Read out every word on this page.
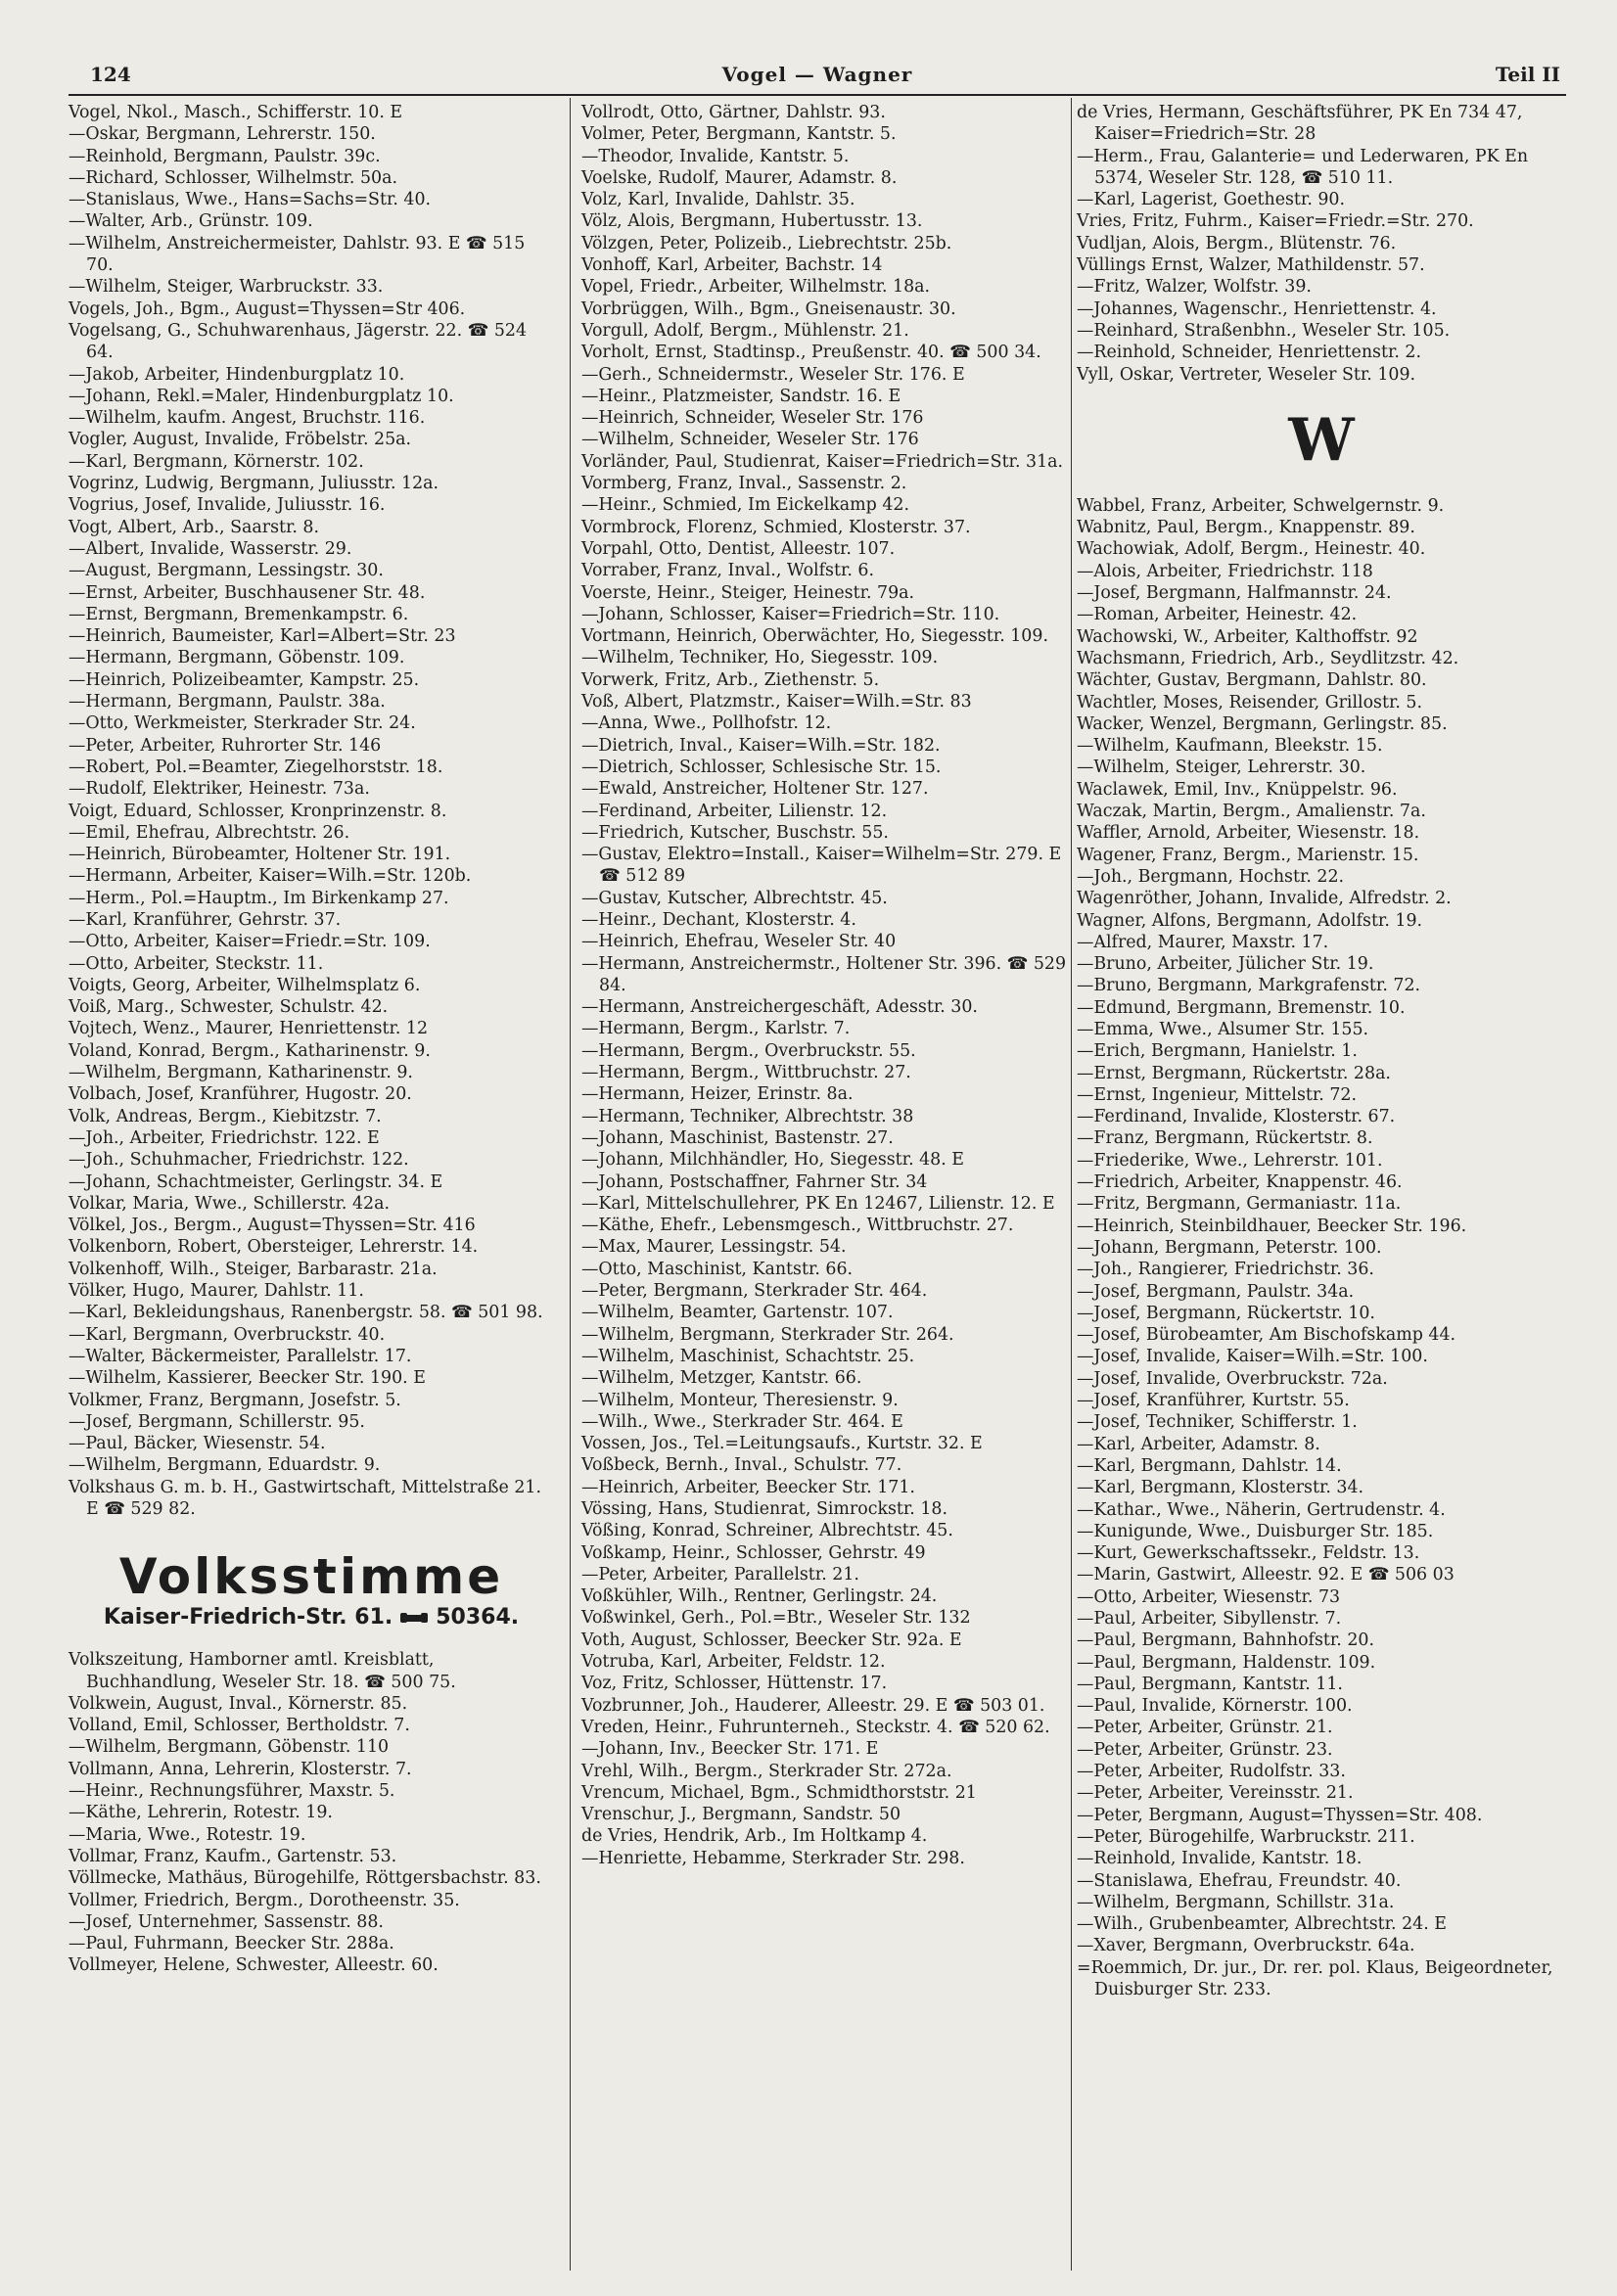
124	Vogel — Wagner	Teil II
Vogel, Nkol., Masch., Schifferstr. 10. E
—Oskar, Bergmann, Lehrerstr. 150.
—Reinhold, Bergmann, Paulstr. 39c.
—Richard, Schlosser, Wilhelmstr. 50a.
—Stanislaus, Wwe., Hans=Sachs=Str. 40.
—Walter, Arb., Grünstr. 109.
—Wilhelm, Anstreichermeister, Dahlstr. 93. E ☎ 515 70.
—Wilhelm, Steiger, Warbruckstr. 33.
Vogels, Joh., Bgm., August=Thyssen=Str 406.
Vogelsang, G., Schuhwarenhaus, Jägerstr. 22. ☎ 524 64.
—Jakob, Arbeiter, Hindenburgplatz 10.
—Johann, Rekl.=Maler, Hindenburgplatz 10.
—Wilhelm, kaufm. Angest, Bruchstr. 116.
Vogler, August, Invalide, Fröbelstr. 25a.
—Karl, Bergmann, Körnerstr. 102.
Vogrinz, Ludwig, Bergmann, Juliusstr. 12a.
Vogrius, Josef, Invalide, Juliusstr. 16.
Vogt, Albert, Arb., Saarstr. 8.
—Albert, Invalide, Wasserstr. 29.
—August, Bergmann, Lessingstr. 30.
—Ernst, Arbeiter, Buschhausener Str. 48.
—Ernst, Bergmann, Bremenkampstr. 6.
—Heinrich, Baumeister, Karl=Albert=Str. 23
—Hermann, Bergmann, Göbenstr. 109.
—Heinrich, Polizeibeamter, Kampstr. 25.
—Hermann, Bergmann, Paulstr. 38a.
—Otto, Werkmeister, Sterkrader Str. 24.
—Peter, Arbeiter, Ruhrorter Str. 146
—Robert, Pol.=Beamter, Ziegelhorststr. 18.
—Rudolf, Elektriker, Heinestr. 73a.
Voigt, Eduard, Schlosser, Kronprinzenstr. 8.
—Emil, Ehefrau, Albrechtstr. 26.
—Heinrich, Bürobeamter, Holtener Str. 191.
—Hermann, Arbeiter, Kaiser=Wilh.=Str. 120b.
—Herm., Pol.=Hauptm., Im Birkenkamp 27.
—Karl, Kranführer, Gehrstr. 37.
—Otto, Arbeiter, Kaiser=Friedr.=Str. 109.
—Otto, Arbeiter, Steckstr. 11.
Voigts, Georg, Arbeiter, Wilhelmsplatz 6.
Voiß, Marg., Schwester, Schulstr. 42.
Vojtech, Wenz., Maurer, Henriettenstr. 12
Voland, Konrad, Bergm., Katharinenstr. 9.
—Wilhelm, Bergmann, Katharinenstr. 9.
Volbach, Josef, Kranführer, Hugostr. 20.
Volk, Andreas, Bergm., Kiebitzstr. 7.
—Joh., Arbeiter, Friedrichstr. 122. E
—Joh., Schuhmacher, Friedrichstr. 122.
—Johann, Schachtmeister, Gerlingstr. 34. E
Volkar, Maria, Wwe., Schillerstr. 42a.
Völkel, Jos., Bergm., August=Thyssen=Str. 416
Volkenborn, Robert, Obersteiger, Lehrerstr. 14.
Volkenhoff, Wilh., Steiger, Barbarastr. 21a.
Völker, Hugo, Maurer, Dahlstr. 11.
—Karl, Bekleidungshaus, Ranenbergstr. 58. ☎ 501 98.
—Karl, Bergmann, Overbruckstr. 40.
—Walter, Bäckermeister, Parallelstr. 17.
—Wilhelm, Kassierer, Beecker Str. 190. E
Volkmer, Franz, Bergmann, Josefstr. 5.
—Josef, Bergmann, Schillerstr. 95.
—Paul, Bäcker, Wiesenstr. 54.
—Wilhelm, Bergmann, Eduardstr. 9.
Volkshaus G. m. b. H., Gastwirtschaft, Mittelstraße 21. E ☎ 529 82.
Volksstimme
Kaiser-Friedrich-Str. 61. 50364.
Volkszeitung, Hamborner amtl. Kreisblatt, Buchhandlung, Weseler Str. 18. ☎ 500 75.
Volkwein, August, Inval., Körnerstr. 85.
Volland, Emil, Schlosser, Bertholdstr. 7.
—Wilhelm, Bergmann, Göbenstr. 110
Vollmann, Anna, Lehrerin, Klosterstr. 7.
—Heinr., Rechnungsführer, Maxstr. 5.
—Käthe, Lehrerin, Rotestr. 19.
—Maria, Wwe., Rotestr. 19.
Vollmar, Franz, Kaufm., Gartenstr. 53.
Völlmecke, Mathäus, Bürogehilfe, Röttgersbachstr. 83.
Vollmer, Friedrich, Bergm., Dorotheenstr. 35.
—Josef, Unternehmer, Sassenstr. 88.
—Paul, Fuhrmann, Beecker Str. 288a.
Vollmeyer, Helene, Schwester, Alleestr. 60.
Vollrodt, Otto, Gärtner, Dahlstr. 93.
Volmer, Peter, Bergmann, Kantstr. 5.
—Theodor, Invalide, Kantstr. 5.
Voelske, Rudolf, Maurer, Adamstr. 8.
Volz, Karl, Invalide, Dahlstr. 35.
Völz, Alois, Bergmann, Hubertusstr. 13.
Völzgen, Peter, Polizeib., Liebrechtstr. 25b.
Vonhoff, Karl, Arbeiter, Bachstr. 14
Vopel, Friedr., Arbeiter, Wilhelmstr. 18a.
Vorbrüggen, Wilh., Bgm., Gneisenaustr. 30.
Vorgull, Adolf, Bergm., Mühlenstr. 21.
Vorholt, Ernst, Stadtinsp., Preußenstr. 40. ☎ 500 34.
—Gerh., Schneidermstr., Weseler Str. 176. E
—Heinr., Platzmeister, Sandstr. 16. E
—Heinrich, Schneider, Weseler Str. 176
—Wilhelm, Schneider, Weseler Str. 176
Vorländer, Paul, Studienrat, Kaiser=Friedrich=Str. 31a.
Vormberg, Franz, Inval., Sassenstr. 2.
—Heinr., Schmied, Im Eickelkamp 42.
Vormbrock, Florenz, Schmied, Klosterstr. 37.
Vorpahl, Otto, Dentist, Alleestr. 107.
Vorraber, Franz, Inval., Wolfstr. 6.
Voerste, Heinr., Steiger, Heinestr. 79a.
—Johann, Schlosser, Kaiser=Friedrich=Str. 110.
Vortmann, Heinrich, Oberwächter, Ho, Siegesstr. 109.
—Wilhelm, Techniker, Ho, Siegesstr. 109.
Vorwerk, Fritz, Arb., Ziethenstr. 5.
Voß, Albert, Platzmstr., Kaiser=Wilh.=Str. 83
—Anna, Wwe., Pollhofstr. 12.
—Dietrich, Inval., Kaiser=Wilh.=Str. 182.
—Dietrich, Schlosser, Schlesische Str. 15.
—Ewald, Anstreicher, Holtener Str. 127.
—Ferdinand, Arbeiter, Lilienstr. 12.
—Friedrich, Kutscher, Buschstr. 55.
—Gustav, Elektro=Install., Kaiser=Wilhelm=Str. 279. E ☎ 512 89
—Gustav, Kutscher, Albrechtstr. 45.
—Heinr., Dechant, Klosterstr. 4.
—Heinrich, Ehefrau, Weseler Str. 40
—Hermann, Anstreichermstr., Holtener Str. 396. ☎ 529 84.
—Hermann, Anstreichergeschäft, Adesstr. 30.
—Hermann, Bergm., Karlstr. 7.
—Hermann, Bergm., Overbruckstr. 55.
—Hermann, Bergm., Wittbruchstr. 27.
—Hermann, Heizer, Erinstr. 8a.
—Hermann, Techniker, Albrechtstr. 38
—Johann, Maschinist, Bastenstr. 27.
—Johann, Milchhändler, Ho, Siegesstr. 48. E
—Johann, Postschaffner, Fahrner Str. 34
—Karl, Mittelschullehrer, PK En 12467, Lilienstr. 12. E
—Käthe, Ehefr., Lebensmgesch., Wittbruchstr. 27.
—Max, Maurer, Lessingstr. 54.
—Otto, Maschinist, Kantstr. 66.
—Peter, Bergmann, Sterkrader Str. 464.
—Wilhelm, Beamter, Gartenstr. 107.
—Wilhelm, Bergmann, Sterkrader Str. 264.
—Wilhelm, Maschinist, Schachtstr. 25.
—Wilhelm, Metzger, Kantstr. 66.
—Wilhelm, Monteur, Theresienstr. 9.
—Wilh., Wwe., Sterkrader Str. 464. E
Vossen, Jos., Tel.=Leitungsaufs., Kurtstr. 32. E
Voßbeck, Bernh., Inval., Schulstr. 77.
—Heinrich, Arbeiter, Beecker Str. 171.
Vössing, Hans, Studienrat, Simrockstr. 18.
Vößing, Konrad, Schreiner, Albrechtstr. 45.
Voßkamp, Heinr., Schlosser, Gehrstr. 49
—Peter, Arbeiter, Parallelstr. 21.
Voßkühler, Wilh., Rentner, Gerlingstr. 24.
Voßwinkel, Gerh., Pol.=Btr., Weseler Str. 132
Voth, August, Schlosser, Beecker Str. 92a. E
Votruba, Karl, Arbeiter, Feldstr. 12.
Voz, Fritz, Schlosser, Hüttenstr. 17.
Vozbrunner, Joh., Hauderer, Alleestr. 29. E ☎ 503 01.
Vreden, Heinr., Fuhrunterneh., Steckstr. 4. ☎ 520 62.
—Johann, Inv., Beecker Str. 171. E
Vrehl, Wilh., Bergm., Sterkrader Str. 272a.
Vrencum, Michael, Bgm., Schmidthorststr. 21
Vrenschur, J., Bergmann, Sandstr. 50
de Vries, Hendrik, Arb., Im Holtkamp 4.
—Henriette, Hebamme, Sterkrader Str. 298.
de Vries, Hermann, Geschäftsführer, PK En 734 47, Kaiser=Friedrich=Str. 28
—Herm., Frau, Galanterie= und Lederwaren, PK En 5374, Weseler Str. 128, ☎ 510 11.
—Karl, Lagerist, Goethestr. 90.
Vries, Fritz, Fuhrm., Kaiser=Friedr.=Str. 270.
Vudljan, Alois, Bergm., Blütenstr. 76.
Vüllings Ernst, Walzer, Mathildenstr. 57.
—Fritz, Walzer, Wolfstr. 39.
—Johannes, Wagenschr., Henriettenstr. 4.
—Reinhard, Straßenbhn., Weseler Str. 105.
—Reinhold, Schneider, Henriettenstr. 2.
Vyll, Oskar, Vertreter, Weseler Str. 109.
W
Wabbel, Franz, Arbeiter, Schwelgernstr. 9.
Wabnitz, Paul, Bergm., Knappenstr. 89.
Wachowiak, Adolf, Bergm., Heinestr. 40.
—Alois, Arbeiter, Friedrichstr. 118
—Josef, Bergmann, Halfmannstr. 24.
—Roman, Arbeiter, Heinestr. 42.
Wachowski, W., Arbeiter, Kalthoffstr. 92
Wachsmann, Friedrich, Arb., Seydlitzstr. 42.
Wächter, Gustav, Bergmann, Dahlstr. 80.
Wachtler, Moses, Reisender, Grillostr. 5.
Wacker, Wenzel, Bergmann, Gerlingstr. 85.
—Wilhelm, Kaufmann, Bleekstr. 15.
—Wilhelm, Steiger, Lehrerstr. 30.
Waclawek, Emil, Inv., Knüppelstr. 96.
Waczak, Martin, Bergm., Amalienstr. 7a.
Waffler, Arnold, Arbeiter, Wiesenstr. 18.
Wagener, Franz, Bergm., Marienstr. 15.
—Joh., Bergmann, Hochstr. 22.
Wagenröther, Johann, Invalide, Alfredstr. 2.
Wagner, Alfons, Bergmann, Adolfstr. 19.
—Alfred, Maurer, Maxstr. 17.
—Bruno, Arbeiter, Jülicher Str. 19.
—Bruno, Bergmann, Markgrafenstr. 72.
—Edmund, Bergmann, Bremenstr. 10.
—Emma, Wwe., Alsumer Str. 155.
—Erich, Bergmann, Hanielstr. 1.
—Ernst, Bergmann, Rückertstr. 28a.
—Ernst, Ingenieur, Mittelstr. 72.
—Ferdinand, Invalide, Klosterstr. 67.
—Franz, Bergmann, Rückertstr. 8.
—Friederike, Wwe., Lehrerstr. 101.
—Friedrich, Arbeiter, Knappenstr. 46.
—Fritz, Bergmann, Germaniastr. 11a.
—Heinrich, Steinbildhauer, Beecker Str. 196.
—Johann, Bergmann, Peterstr. 100.
—Joh., Rangierer, Friedrichstr. 36.
—Josef, Bergmann, Paulstr. 34a.
—Josef, Bergmann, Rückertstr. 10.
—Josef, Bürobeamter, Am Bischofskamp 44.
—Josef, Invalide, Kaiser=Wilh.=Str. 100.
—Josef, Invalide, Overbruckstr. 72a.
—Josef, Kranführer, Kurtstr. 55.
—Josef, Techniker, Schifferstr. 1.
—Karl, Arbeiter, Adamstr. 8.
—Karl, Bergmann, Dahlstr. 14.
—Karl, Bergmann, Klosterstr. 34.
—Kathar., Wwe., Näherin, Gertrudenstr. 4.
—Kunigunde, Wwe., Duisburger Str. 185.
—Kurt, Gewerkschaftssekr., Feldstr. 13.
—Marin, Gastwirt, Alleestr. 92. E ☎ 506 03
—Otto, Arbeiter, Wiesenstr. 73
—Paul, Arbeiter, Sibyllenstr. 7.
—Paul, Bergmann, Bahnhofstr. 20.
—Paul, Bergmann, Haldenstr. 109.
—Paul, Bergmann, Kantstr. 11.
—Paul, Invalide, Körnerstr. 100.
—Peter, Arbeiter, Grünstr. 21.
—Peter, Arbeiter, Grünstr. 23.
—Peter, Arbeiter, Rudolfstr. 33.
—Peter, Arbeiter, Vereinsstr. 21.
—Peter, Bergmann, August=Thyssen=Str. 408.
—Peter, Bürogehilfe, Warbruckstr. 211.
—Reinhold, Invalide, Kantstr. 18.
—Stanislawa, Ehefrau, Freundstr. 40.
—Wilhelm, Bergmann, Schillstr. 31a.
—Wilh., Grubenbeamter, Albrechtstr. 24. E
—Xaver, Bergmann, Overbruckstr. 64a.
=Roemmich, Dr. jur., Dr. rer. pol. Klaus, Beigeordneter, Duisburger Str. 233.
